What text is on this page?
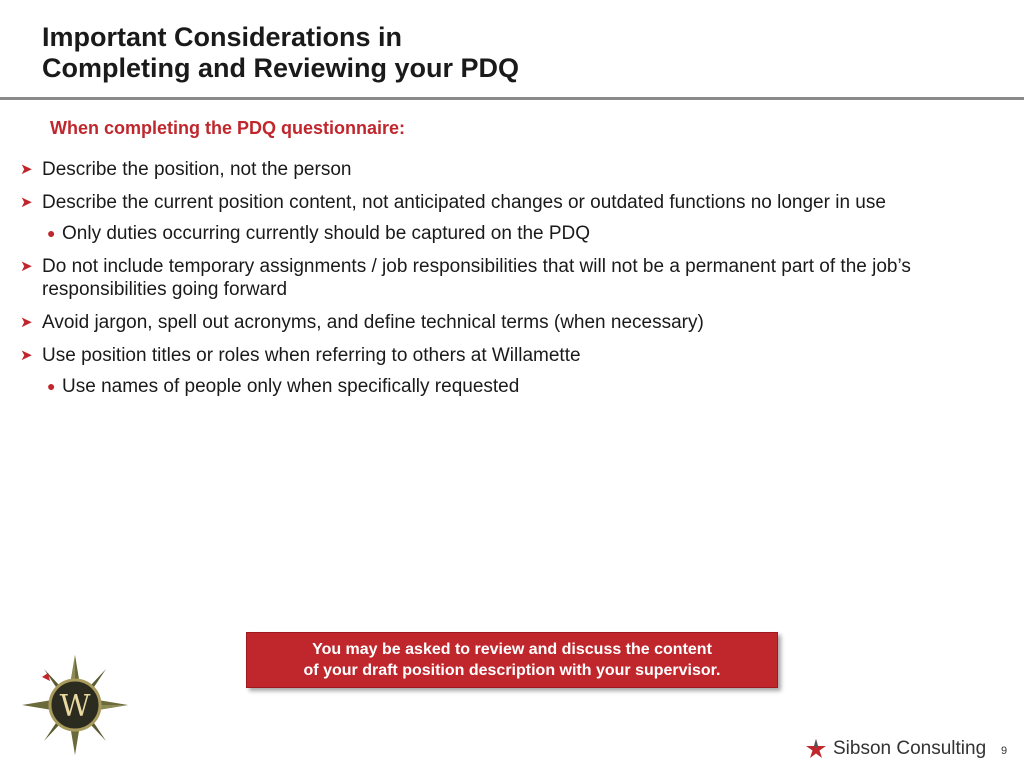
Important Considerations in
Completing and Reviewing your PDQ
When completing the PDQ questionnaire:
➤ Describe the position, not the person
➤ Describe the current position content, not anticipated changes or outdated functions no longer in use
● Only duties occurring currently should be captured on the PDQ
➤ Do not include temporary assignments / job responsibilities that will not be a permanent part of the job’s responsibilities going forward
➤ Avoid jargon, spell out acronyms, and define technical terms (when necessary)
➤ Use position titles or roles when referring to others at Willamette
● Use names of people only when specifically requested
You may be asked to review and discuss the content
of your draft position description with your supervisor.
W
Sibson Consulting 9
